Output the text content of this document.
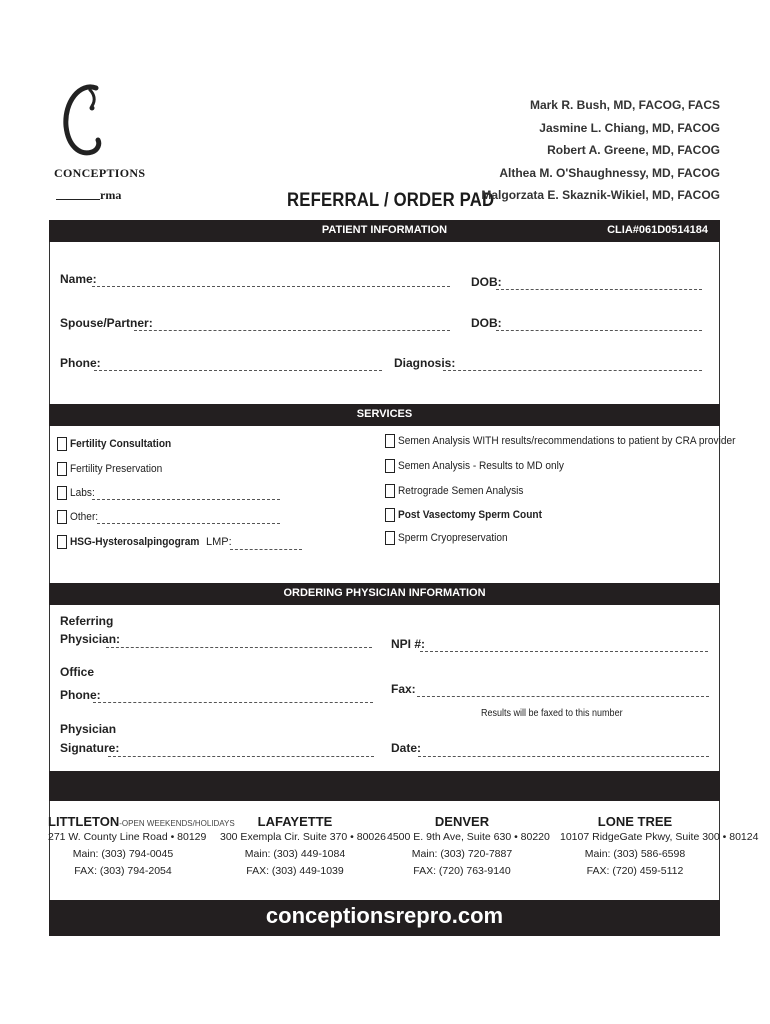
CONCEPTIONS
rma	REFERRAL / ORDER PAD
Mark R. Bush, MD, FACOG, FACS
Jasmine L. Chiang, MD, FACOG
Robert A. Greene, MD, FACOG
Althea M. O'Shaughnessy, MD, FACOG
Malgorzata E. Skaznik-Wikiel, MD, FACOG
PATIENT INFORMATION	CLIA#061D0514184
Name:	DOB:
Spouse/Partner:	DOB:
Phone:	Diagnosis:
SERVICES
Fertility Consultation
Fertility Preservation
Labs:
Other:
HSG-Hysterosalpingogram LMP:
Semen Analysis WITH results/recommendations to patient by CRA provider
Semen Analysis - Results to MD only
Retrograde Semen Analysis
Post Vasectomy Sperm Count
Sperm Cryopreservation
ORDERING PHYSICIAN INFORMATION
Referring
Physician:	NPI #:
Office
Phone:	Fax:
Results will be faxed to this number
Physician
Signature:	Date:
LITTLETON-OPEN WEEKENDS/HOLIDAYS
271 W. County Line Road • 80129
Main: (303) 794-0045
FAX: (303) 794-2054
LAFAYETTE
300 Exempla Cir. Suite 370 • 80026
Main: (303) 449-1084
FAX: (303) 449-1039
DENVER
4500 E. 9th Ave, Suite 630 • 80220
Main: (303) 720-7887
FAX: (720) 763-9140
LONE TREE
10107 RidgeGate Pkwy, Suite 300 • 80124
Main: (303) 586-6598
FAX: (720) 459-5112
conceptionsrepro.com
